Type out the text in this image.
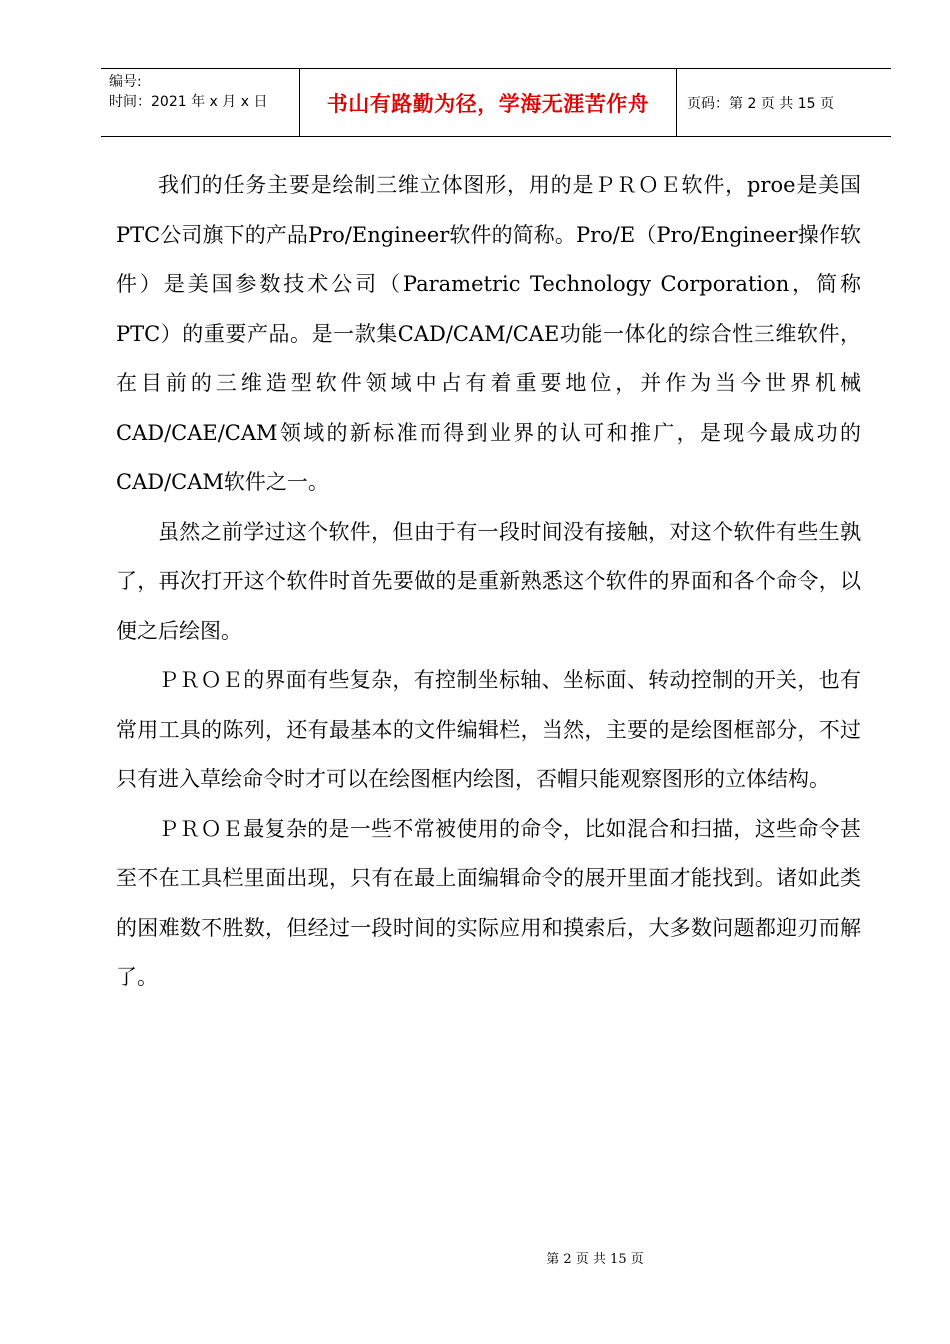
编号:
时间：2021 年 x 月 x 日	书山有路勤为径，学海无涯苦作舟	页码：第 2 页 共 15 页

我们的任务主要是绘制三维立体图形，用的是ＰＲＯＥ软件，proe是美国PTC公司旗下的产品Pro/Engineer软件的简称。Pro/E（Pro/Engineer操作软件）是美国参数技术公司（Parametric Technology Corporation，简称PTC）的重要产品。是一款集CAD/CAM/CAE功能一体化的综合性三维软件，在目前的三维造型软件领域中占有着重要地位，并作为当今世界机械CAD/CAE/CAM领域的新标准而得到业界的认可和推广，是现今最成功的CAD/CAM软件之一。

虽然之前学过这个软件，但由于有一段时间没有接触，对这个软件有些生孰了，再次打开这个软件时首先要做的是重新熟悉这个软件的界面和各个命令，以便之后绘图。

ＰＲＯＥ的界面有些复杂，有控制坐标轴、坐标面、转动控制的开关，也有常用工具的陈列，还有最基本的文件编辑栏，当然，主要的是绘图框部分，不过只有进入草绘命令时才可以在绘图框内绘图，否帽只能观察图形的立体结构。

ＰＲＯＥ最复杂的是一些不常被使用的命令，比如混合和扫描，这些命令甚至不在工具栏里面出现，只有在最上面编辑命令的展开里面才能找到。诸如此类的困难数不胜数，但经过一段时间的实际应用和摸索后，大多数问题都迎刃而解了。

第 2 页 共 15 页
